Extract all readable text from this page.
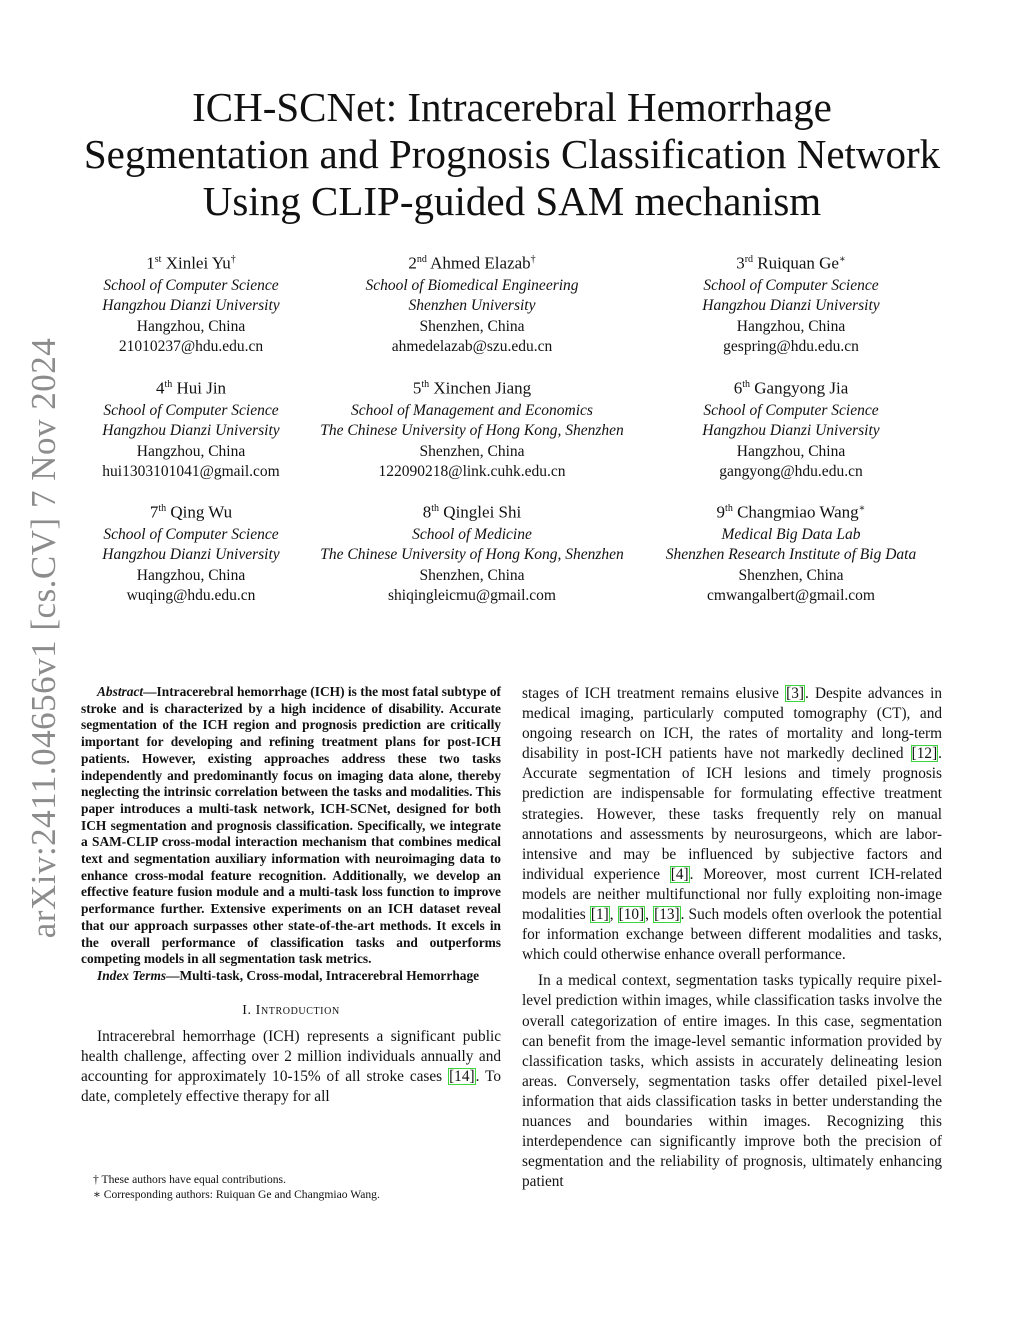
arXiv:2411.04656v1 [cs.CV] 7 Nov 2024
ICH-SCNet: Intracerebral Hemorrhage
Segmentation and Prognosis Classification Network
Using CLIP-guided SAM mechanism
1st Xinlei Yu†
School of Computer Science
Hangzhou Dianzi University
Hangzhou, China
21010237@hdu.edu.cn
2nd Ahmed Elazab†
School of Biomedical Engineering
Shenzhen University
Shenzhen, China
ahmedelazab@szu.edu.cn
3rd Ruiquan Ge∗
School of Computer Science
Hangzhou Dianzi University
Hangzhou, China
gespring@hdu.edu.cn
4th Hui Jin
School of Computer Science
Hangzhou Dianzi University
Hangzhou, China
hui1303101041@gmail.com
5th Xinchen Jiang
School of Management and Economics
The Chinese University of Hong Kong, Shenzhen
Shenzhen, China
122090218@link.cuhk.edu.cn
6th Gangyong Jia
School of Computer Science
Hangzhou Dianzi University
Hangzhou, China
gangyong@hdu.edu.cn
7th Qing Wu
School of Computer Science
Hangzhou Dianzi University
Hangzhou, China
wuqing@hdu.edu.cn
8th Qinglei Shi
School of Medicine
The Chinese University of Hong Kong, Shenzhen
Shenzhen, China
shiqingleicmu@gmail.com
9th Changmiao Wang∗
Medical Big Data Lab
Shenzhen Research Institute of Big Data
Shenzhen, China
cmwangalbert@gmail.com

Abstract—Intracerebral hemorrhage (ICH) is the most fatal subtype of stroke and is characterized by a high incidence of disability. Accurate segmentation of the ICH region and prognosis prediction are critically important for developing and refining treatment plans for post-ICH patients. However, existing approaches address these two tasks independently and predominantly focus on imaging data alone, thereby neglecting the intrinsic correlation between the tasks and modalities. This paper introduces a multi-task network, ICH-SCNet, designed for both ICH segmentation and prognosis classification. Specifically, we integrate a SAM-CLIP cross-modal interaction mechanism that combines medical text and segmentation auxiliary information with neuroimaging data to enhance cross-modal feature recognition. Additionally, we develop an effective feature fusion module and a multi-task loss function to improve performance further. Extensive experiments on an ICH dataset reveal that our approach surpasses other state-of-the-art methods. It excels in the overall performance of classification tasks and outperforms competing models in all segmentation task metrics.

Index Terms—Multi-task, Cross-modal, Intracerebral Hemorrhage

I. Introduction

Intracerebral hemorrhage (ICH) represents a significant public health challenge, affecting over 2 million individuals annually and accounting for approximately 10-15% of all stroke cases [14]. To date, completely effective therapy for all

stages of ICH treatment remains elusive [3]. Despite advances in medical imaging, particularly computed tomography (CT), and ongoing research on ICH, the rates of mortality and long-term disability in post-ICH patients have not markedly declined [12]. Accurate segmentation of ICH lesions and timely prognosis prediction are indispensable for formulating effective treatment strategies. However, these tasks frequently rely on manual annotations and assessments by neurosurgeons, which are labor-intensive and may be influenced by subjective factors and individual experience [4]. Moreover, most current ICH-related models are neither multifunctional nor fully exploiting non-image modalities [1], [10], [13]. Such models often overlook the potential for information exchange between different modalities and tasks, which could otherwise enhance overall performance.

In a medical context, segmentation tasks typically require pixel-level prediction within images, while classification tasks involve the overall categorization of entire images. In this case, segmentation can benefit from the image-level semantic information provided by classification tasks, which assists in accurately delineating lesion areas. Conversely, segmentation tasks offer detailed pixel-level information that aids classification tasks in better understanding the nuances and boundaries within images. Recognizing this interdependence can significantly improve both the precision of segmentation and the reliability of prognosis, ultimately enhancing patient

† These authors have equal contributions.

∗ Corresponding authors: Ruiquan Ge and Changmiao Wang.
